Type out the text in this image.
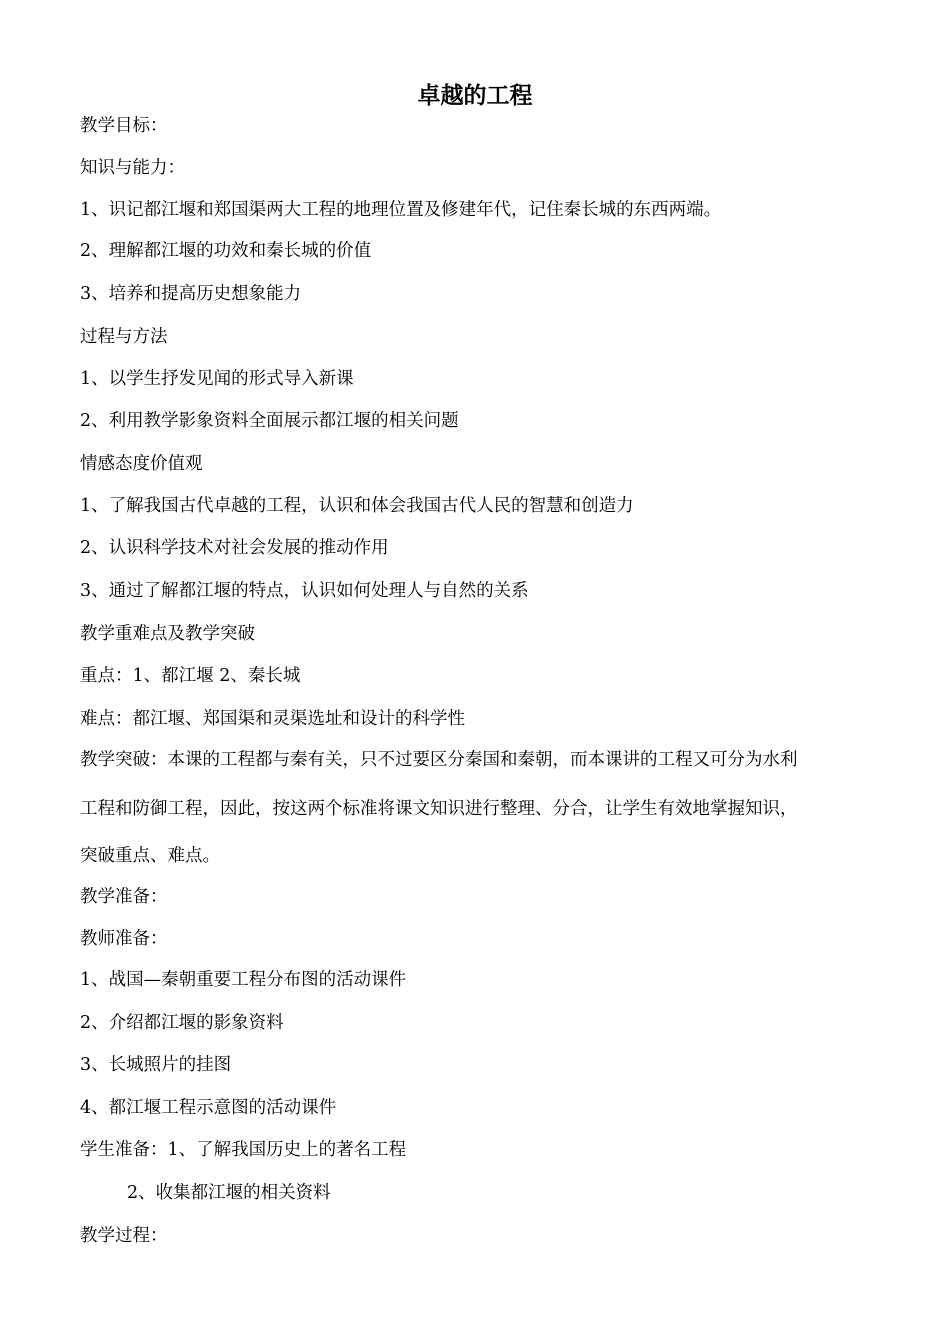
卓越的工程
教学目标：
知识与能力：
1、识记都江堰和郑国渠两大工程的地理位置及修建年代，记住秦长城的东西两端。
2、理解都江堰的功效和秦长城的价值
3、培养和提高历史想象能力
过程与方法
1、以学生抒发见闻的形式导入新课
2、利用教学影象资料全面展示都江堰的相关问题
情感态度价值观
1、了解我国古代卓越的工程，认识和体会我国古代人民的智慧和创造力
2、认识科学技术对社会发展的推动作用
3、通过了解都江堰的特点，认识如何处理人与自然的关系
教学重难点及教学突破
重点：1、都江堰 2、秦长城
难点：都江堰、郑国渠和灵渠选址和设计的科学性
教学突破：本课的工程都与秦有关，只不过要区分秦国和秦朝，而本课讲的工程又可分为水利
工程和防御工程，因此，按这两个标准将课文知识进行整理、分合，让学生有效地掌握知识，
突破重点、难点。
教学准备：
教师准备：
1、战国—秦朝重要工程分布图的活动课件
2、介绍都江堰的影象资料
3、长城照片的挂图
4、都江堰工程示意图的活动课件
学生准备：1、了解我国历史上的著名工程
2、收集都江堰的相关资料
教学过程：
